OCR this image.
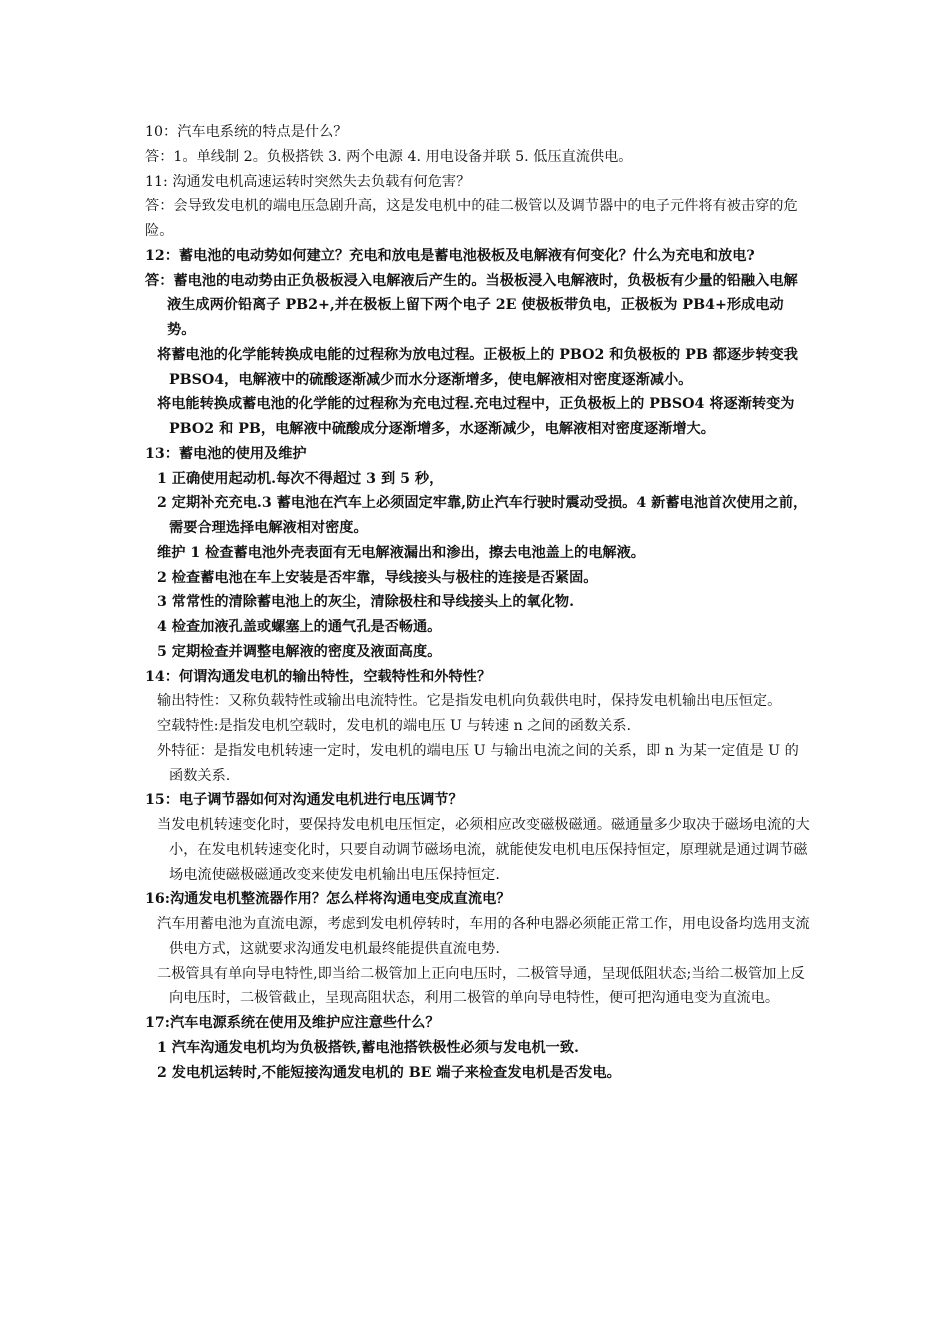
10：汽车电系统的特点是什么？

答：1。单线制 2。负极搭铁 3. 两个电源 4. 用电设备并联 5. 低压直流供电。

11: 沟通发电机高速运转时突然失去负载有何危害？

答：会导致发电机的端电压急剧升高，这是发电机中的硅二极管以及调节器中的电子元件将有被击穿的危险。

12：蓄电池的电动势如何建立？充电和放电是蓄电池极板及电解液有何变化？什么为充电和放电?

答：蓄电池的电动势由正负极板浸入电解液后产生的。当极板浸入电解液时，负极板有少量的铅融入电解液生成两价铅离子 PB2+,并在极板上留下两个电子 2E 使极板带负电，正极板为 PB4+形成电动势。

将蓄电池的化学能转换成电能的过程称为放电过程。正极板上的 PBO2 和负极板的 PB 都逐步转变我 PBSO4，电解液中的硫酸逐渐减少而水分逐渐增多，使电解液相对密度逐渐减小。

将电能转换成蓄电池的化学能的过程称为充电过程.充电过程中，正负极板上的 PBSO4 将逐渐转变为 PBO2 和 PB，电解液中硫酸成分逐渐增多，水逐渐减少，电解液相对密度逐渐增大。

13：蓄电池的使用及维护

1 正确使用起动机.每次不得超过 3 到 5 秒，

2 定期补充充电.3 蓄电池在汽车上必须固定牢靠,防止汽车行驶时震动受损。4 新蓄电池首次使用之前，需要合理选择电解液相对密度。

维护 1 检查蓄电池外壳表面有无电解液漏出和渗出，擦去电池盖上的电解液。

2 检查蓄电池在车上安装是否牢靠，导线接头与极柱的连接是否紧固。

3 常常性的清除蓄电池上的灰尘，清除极柱和导线接头上的氧化物.

4 检查加液孔盖或螺塞上的通气孔是否畅通。

5 定期检查并调整电解液的密度及液面高度。

14：何谓沟通发电机的输出特性，空载特性和外特性？

输出特性：又称负载特性或输出电流特性。它是指发电机向负载供电时，保持发电机输出电压恒定。

空载特性:是指发电机空载时，发电机的端电压 U 与转速 n 之间的函数关系.

外特征：是指发电机转速一定时，发电机的端电压 U 与输出电流之间的关系，即 n 为某一定值是 U 的函数关系.

15：电子调节器如何对沟通发电机进行电压调节？

当发电机转速变化时，要保持发电机电压恒定，必须相应改变磁极磁通。磁通量多少取决于磁场电流的大小，在发电机转速变化时，只要自动调节磁场电流，就能使发电机电压保持恒定，原理就是通过调节磁场电流使磁极磁通改变来使发电机输出电压保持恒定.

16:沟通发电机整流器作用？怎么样将沟通电变成直流电？

汽车用蓄电池为直流电源，考虑到发电机停转时，车用的各种电器必须能正常工作，用电设备均选用支流供电方式，这就要求沟通发电机最终能提供直流电势.

二极管具有单向导电特性,即当给二极管加上正向电压时，二极管导通，呈现低阻状态;当给二极管加上反向电压时，二极管截止，呈现高阻状态，利用二极管的单向导电特性，便可把沟通电变为直流电。

17:汽车电源系统在使用及维护应注意些什么？

1 汽车沟通发电机均为负极搭铁,蓄电池搭铁极性必须与发电机一致.

2 发电机运转时,不能短接沟通发电机的 BE 端子来检查发电机是否发电。
